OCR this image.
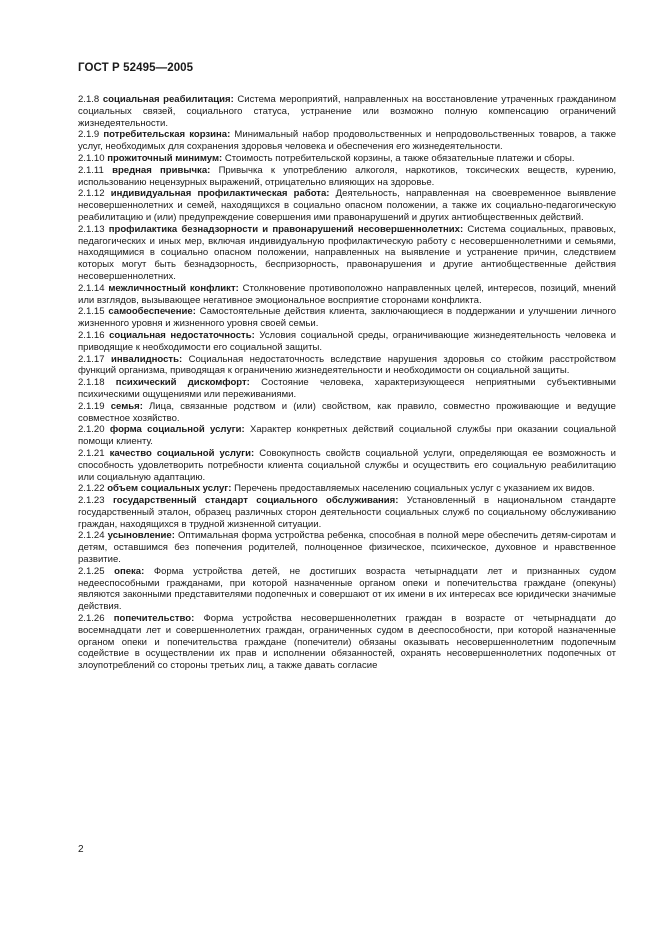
ГОСТ Р 52495—2005

2.1.8 социальная реабилитация: Система мероприятий, направленных на восстановление утраченных гражданином социальных связей, социального статуса, устранение или возможно полную компенсацию ограничений жизнедеятельности.

2.1.9 потребительская корзина: Минимальный набор продовольственных и непродовольственных товаров, а также услуг, необходимых для сохранения здоровья человека и обеспечения его жизнедеятельности.

2.1.10 прожиточный минимум: Стоимость потребительской корзины, а также обязательные платежи и сборы.

2.1.11 вредная привычка: Привычка к употреблению алкоголя, наркотиков, токсических веществ, курению, использованию нецензурных выражений, отрицательно влияющих на здоровье.

2.1.12 индивидуальная профилактическая работа: Деятельность, направленная на своевременное выявление несовершеннолетних и семей, находящихся в социально опасном положении, а также их социально-педагогическую реабилитацию и (или) предупреждение совершения ими правонарушений и других антиобщественных действий.

2.1.13 профилактика безнадзорности и правонарушений несовершеннолетних: Система социальных, правовых, педагогических и иных мер, включая индивидуальную профилактическую работу с несовершеннолетними и семьями, находящимися в социально опасном положении, направленных на выявление и устранение причин, следствием которых могут быть безнадзорность, беспризорность, правонарушения и другие антиобщественные действия несовершеннолетних.

2.1.14 межличностный конфликт: Столкновение противоположно направленных целей, интересов, позиций, мнений или взглядов, вызывающее негативное эмоциональное восприятие сторонами конфликта.

2.1.15 самообеспечение: Самостоятельные действия клиента, заключающиеся в поддержании и улучшении личного жизненного уровня и жизненного уровня своей семьи.

2.1.16 социальная недостаточность: Условия социальной среды, ограничивающие жизнедеятельность человека и приводящие к необходимости его социальной защиты.

2.1.17 инвалидность: Социальная недостаточность вследствие нарушения здоровья со стойким расстройством функций организма, приводящая к ограничению жизнедеятельности и необходимости он социальной защиты.

2.1.18 психический дискомфорт: Состояние человека, характеризующееся неприятными субъективными психическими ощущениями или переживаниями.

2.1.19 семья: Лица, связанные родством и (или) свойством, как правило, совместно проживающие и ведущие совместное хозяйство.

2.1.20 форма социальной услуги: Характер конкретных действий социальной службы при оказании социальной помощи клиенту.

2.1.21 качество социальной услуги: Совокупность свойств социальной услуги, определяющая ее возможность и способность удовлетворить потребности клиента социальной службы и осуществить его социальную реабилитацию или социальную адаптацию.

2.1.22 объем социальных услуг: Перечень предоставляемых населению социальных услуг с указанием их видов.

2.1.23 государственный стандарт социального обслуживания: Установленный в национальном стандарте государственный эталон, образец различных сторон деятельности социальных служб по социальному обслуживанию граждан, находящихся в трудной жизненной ситуации.

2.1.24 усыновление: Оптимальная форма устройства ребенка, способная в полной мере обеспечить детям-сиротам и детям, оставшимся без попечения родителей, полноценное физическое, психическое, духовное и нравственное развитие.

2.1.25 опека: Форма устройства детей, не достигших возраста четырнадцати лет и признанных судом недееспособными гражданами, при которой назначенные органом опеки и попечительства граждане (опекуны) являются законными представителями подопечных и совершают от их имени в их интересах все юридически значимые действия.

2.1.26 попечительство: Форма устройства несовершеннолетних граждан в возрасте от четырнадцати до восемнадцати лет и совершеннолетних граждан, ограниченных судом в дееспособности, при которой назначенные органом опеки и попечительства граждане (попечители) обязаны оказывать несовершеннолетним подопечным содействие в осуществлении их прав и исполнении обязанностей, охранять несовершеннолетних подопечных от злоупотреблений со стороны третьих лиц, а также давать согласие

2
